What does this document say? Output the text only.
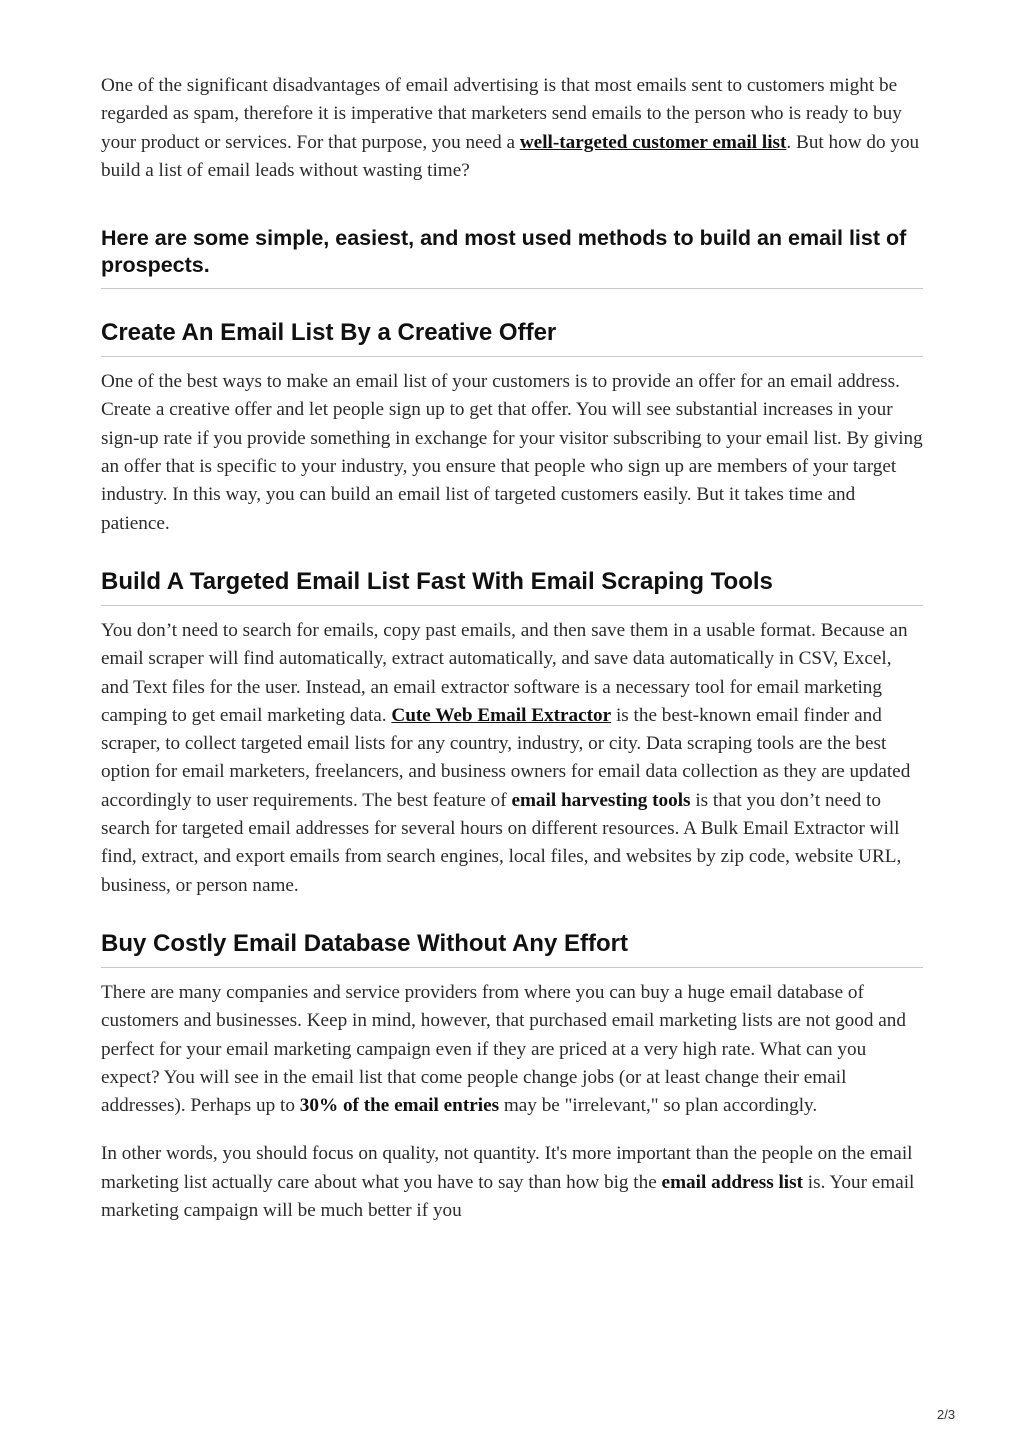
One of the significant disadvantages of email advertising is that most emails sent to customers might be regarded as spam, therefore it is imperative that marketers send emails to the person who is ready to buy your product or services. For that purpose, you need a well-targeted customer email list. But how do you build a list of email leads without wasting time?

Here are some simple, easiest, and most used methods to build an email list of prospects.
Create An Email List By a Creative Offer

One of the best ways to make an email list of your customers is to provide an offer for an email address. Create a creative offer and let people sign up to get that offer. You will see substantial increases in your sign-up rate if you provide something in exchange for your visitor subscribing to your email list. By giving an offer that is specific to your industry, you ensure that people who sign up are members of your target industry. In this way, you can build an email list of targeted customers easily. But it takes time and patience.

Build A Targeted Email List Fast With Email Scraping Tools

You don’t need to search for emails, copy past emails, and then save them in a usable format. Because an email scraper will find automatically, extract automatically, and save data automatically in CSV, Excel, and Text files for the user. Instead, an email extractor software is a necessary tool for email marketing camping to get email marketing data. Cute Web Email Extractor is the best-known email finder and scraper, to collect targeted email lists for any country, industry, or city. Data scraping tools are the best option for email marketers, freelancers, and business owners for email data collection as they are updated accordingly to user requirements. The best feature of email harvesting tools is that you don’t need to search for targeted email addresses for several hours on different resources. A Bulk Email Extractor will find, extract, and export emails from search engines, local files, and websites by zip code, website URL, business, or person name.

Buy Costly Email Database Without Any Effort

There are many companies and service providers from where you can buy a huge email database of customers and businesses. Keep in mind, however, that purchased email marketing lists are not good and perfect for your email marketing campaign even if they are priced at a very high rate. What can you expect? You will see in the email list that come people change jobs (or at least change their email addresses). Perhaps up to 30% of the email entries may be "irrelevant," so plan accordingly.

In other words, you should focus on quality, not quantity. It's more important than the people on the email marketing list actually care about what you have to say than how big the email address list is. Your email marketing campaign will be much better if you

2/3
